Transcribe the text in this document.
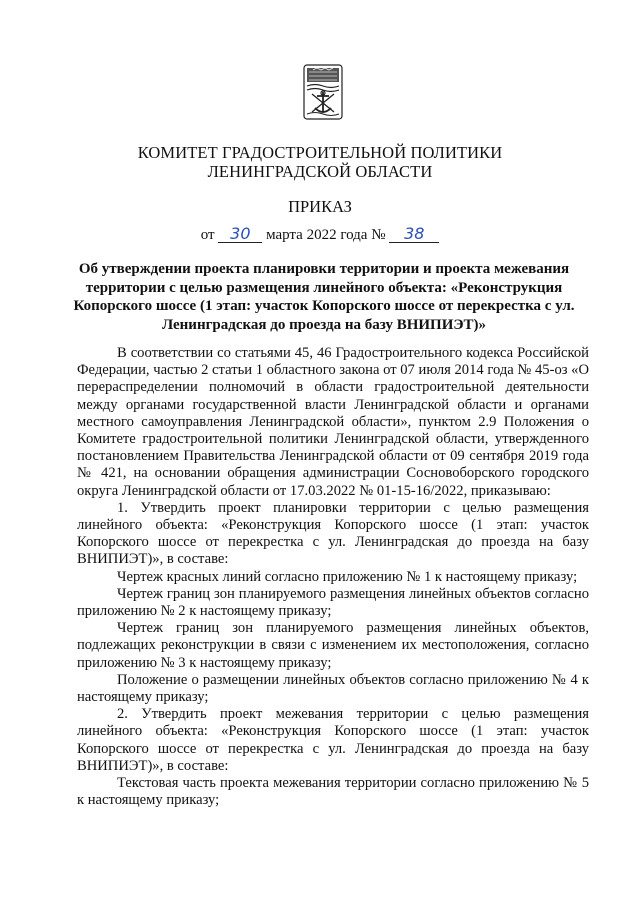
КОМИТЕТ ГРАДОСТРОИТЕЛЬНОЙ ПОЛИТИКИ
ЛЕНИНГРАДСКОЙ ОБЛАСТИ
ПРИКАЗ
от 30 марта 2022 года № 38
Об утверждении проекта планировки территории и проекта межевания территории с целью размещения линейного объекта: «Реконструкция Копорского шоссе (1 этап: участок Копорского шоссе от перекрестка с ул. Ленинградская до проезда на базу ВНИПИЭТ)»

В соответствии со статьями 45, 46 Градостроительного кодекса Российской Федерации, частью 2 статьи 1 областного закона от 07 июля 2014 года № 45-оз «О перераспределении полномочий в области градостроительной деятельности между органами государственной власти Ленинградской области и органами местного самоуправления Ленинградской области», пунктом 2.9 Положения о Комитете градостроительной политики Ленинградской области, утвержденного постановлением Правительства Ленинградской области от 09 сентября 2019 года № 421, на основании обращения администрации Сосновоборского городского округа Ленинградской области от 17.03.2022 № 01-15-16/2022, приказываю:

1. Утвердить проект планировки территории с целью размещения линейного объекта: «Реконструкция Копорского шоссе (1 этап: участок Копорского шоссе от перекрестка с ул. Ленинградская до проезда на базу ВНИПИЭТ)», в составе:

Чертеж красных линий согласно приложению № 1 к настоящему приказу;

Чертеж границ зон планируемого размещения линейных объектов согласно приложению № 2 к настоящему приказу;

Чертеж границ зон планируемого размещения линейных объектов, подлежащих реконструкции в связи с изменением их местоположения, согласно приложению № 3 к настоящему приказу;

Положение о размещении линейных объектов согласно приложению № 4 к настоящему приказу;

2. Утвердить проект межевания территории с целью размещения линейного объекта: «Реконструкция Копорского шоссе (1 этап: участок Копорского шоссе от перекрестка с ул. Ленинградская до проезда на базу ВНИПИЭТ)», в составе:

Текстовая часть проекта межевания территории согласно приложению № 5 к настоящему приказу;
